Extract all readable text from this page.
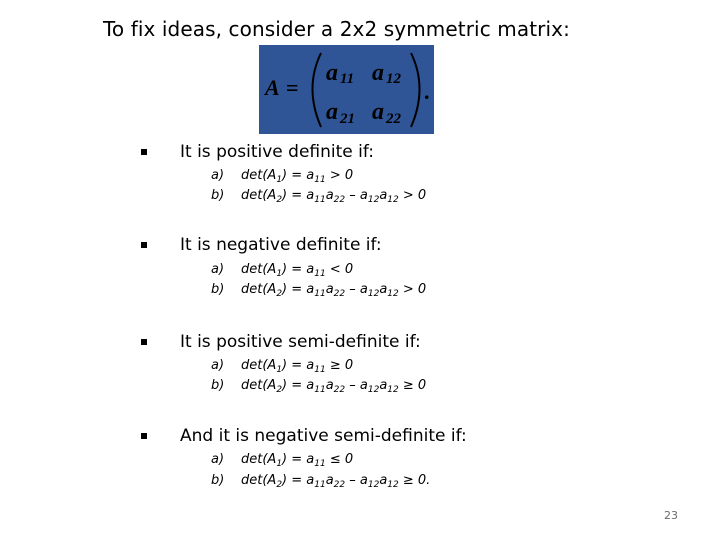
To fix ideas, consider a 2x2 symmetric matrix:
A =
a 11 a 12
a 21 a 22
.
It is positive definite if:
a) $\det(A_1) = a_{11} > 0$
b) $\det(A_2) = a_{11}a_{22} - a_{12}a_{12} > 0$
It is negative definite if:
a) $\det(A_1) = a_{11} < 0$
b) $\det(A_2) = a_{11}a_{22} - a_{12}a_{12} > 0$
It is positive semi-definite if:
a) $\det(A_1) = a_{11} \ge 0$
b) $\det(A_2) = a_{11}a_{22} - a_{12}a_{12} \ge 0$
And it is negative semi-definite if:
a) $\det(A_1) = a_{11} \le 0$
b) $\det(A_2) = a_{11}a_{22} - a_{12}a_{12} \ge 0$.
23
